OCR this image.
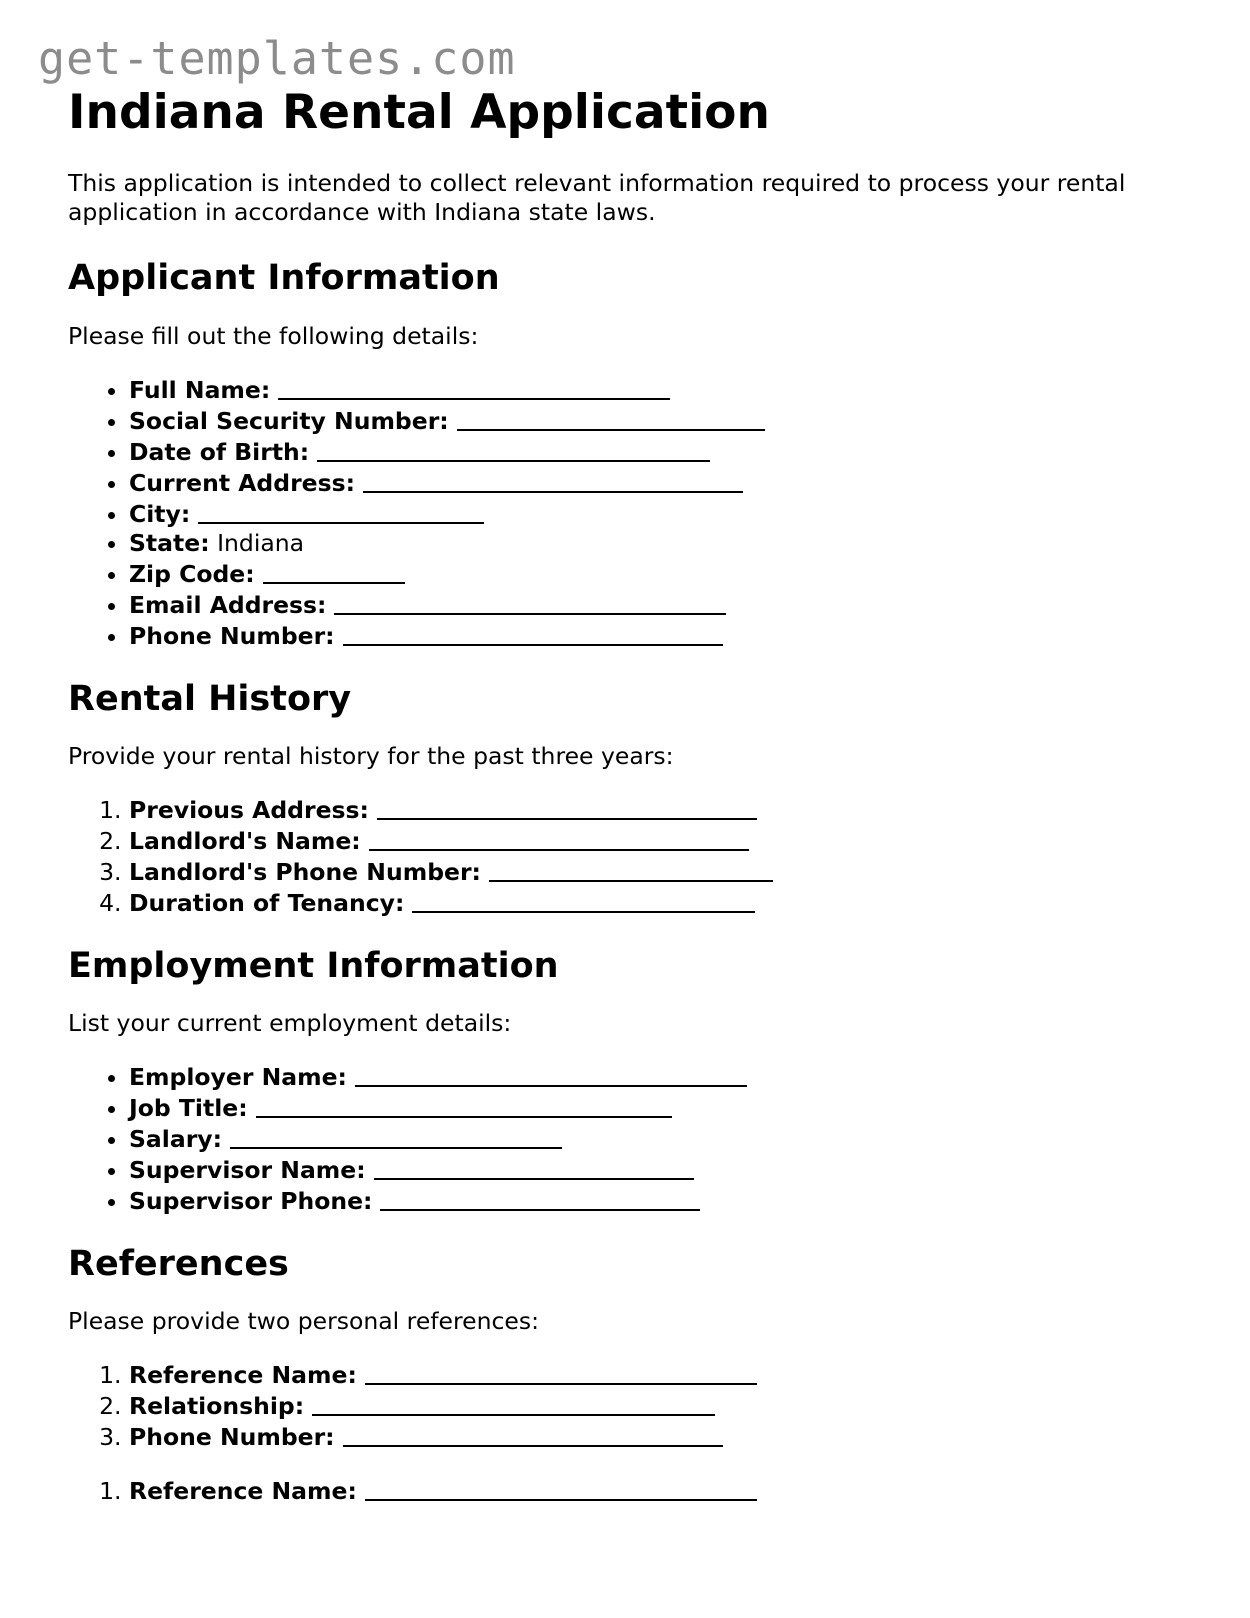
get-templates.com
Indiana Rental Application

This application is intended to collect relevant information required to process your rental application in accordance with Indiana state laws.

Applicant Information

Please fill out the following details:

• Full Name:
• Social Security Number:
• Date of Birth:
• Current Address:
• City:
• State: Indiana
• Zip Code:
• Email Address:
• Phone Number:
Rental History

Provide your rental history for the past three years:

1. Previous Address:
2. Landlord's Name:
3. Landlord's Phone Number:
4. Duration of Tenancy:
Employment Information

List your current employment details:

• Employer Name:
• Job Title:
• Salary:
• Supervisor Name:
• Supervisor Phone:
References

Please provide two personal references:

1. Reference Name:
2. Relationship:
3. Phone Number:
1. Reference Name:
